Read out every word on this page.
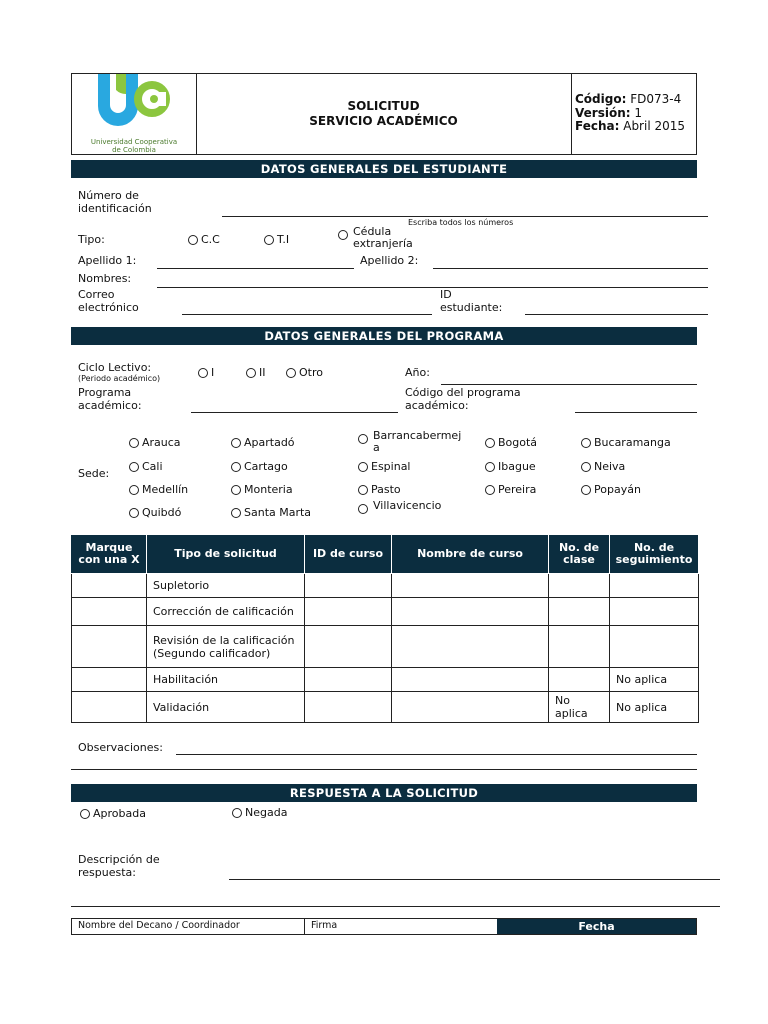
Universidad Cooperativa
de Colombia
SOLICITUD
SERVICIO ACADÉMICO
Código: FD073-4
Versión: 1
Fecha: Abril 2015
DATOS GENERALES DEL ESTUDIANTE
Número de
identificación
Escriba todos los números
Tipo:	C.C	T.I
Cédula extranjería
Apellido 1:	Apellido 2:
Nombres:
Correo
electrónico
ID
estudiante:
DATOS GENERALES DEL PROGRAMA
Ciclo Lectivo:
(Periodo académico)	I	II	Otro	Año:
Programa
académico:
Código del programa
académico:
Sede:
Arauca	Apartadó
Barrancabermeja	Bogotá	Bucaramanga
Cali	Cartago	Espinal	Ibague	Neiva
Medellín	Monteria	Pasto	Pereira	Popayán
Quibdó	Santa Marta
Villavicencio
Marque con una X	Tipo de solicitud	ID de curso	Nombre de curso	No. de clase	No. de seguimiento
	Supletorio				
	Corrección de calificación				
	Revisión de la calificación (Segundo calificador)				
	Habilitación				No aplica
	Validación			No aplica	No aplica
Observaciones:
RESPUESTA A LA SOLICITUD
Aprobada	Negada
Descripción de
respuesta:
Nombre del Decano / Coordinador	Firma	Fecha
